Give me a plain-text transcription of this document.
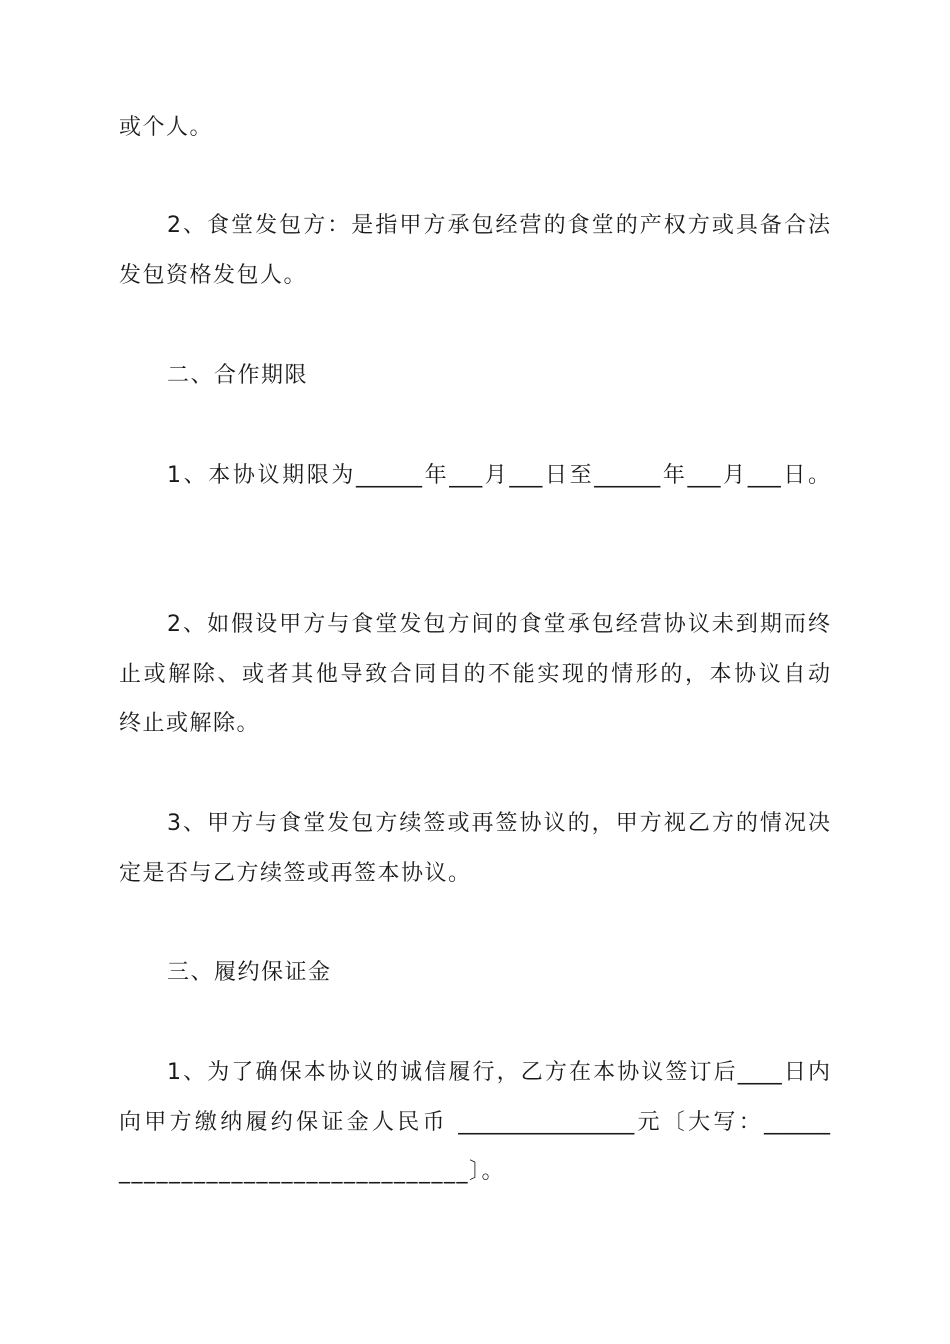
或个人。
2、食堂发包方：是指甲方承包经营的食堂的产权方或具备合法
发包资格发包人。
二、合作期限
1、本协议期限为______年___月___日至______年___月___日。
2、如假设甲方与食堂发包方间的食堂承包经营协议未到期而终
止或解除、或者其他导致合同目的不能实现的情形的，本协议自动
终止或解除。
3、甲方与食堂发包方续签或再签协议的，甲方视乙方的情况决
定是否与乙方续签或再签本协议。
三、履约保证金
1、为了确保本协议的诚信履行，乙方在本协议签订后____日内
向甲方缴纳履约保证金人民币 ________________元〔大写：______
____________________________〕。
